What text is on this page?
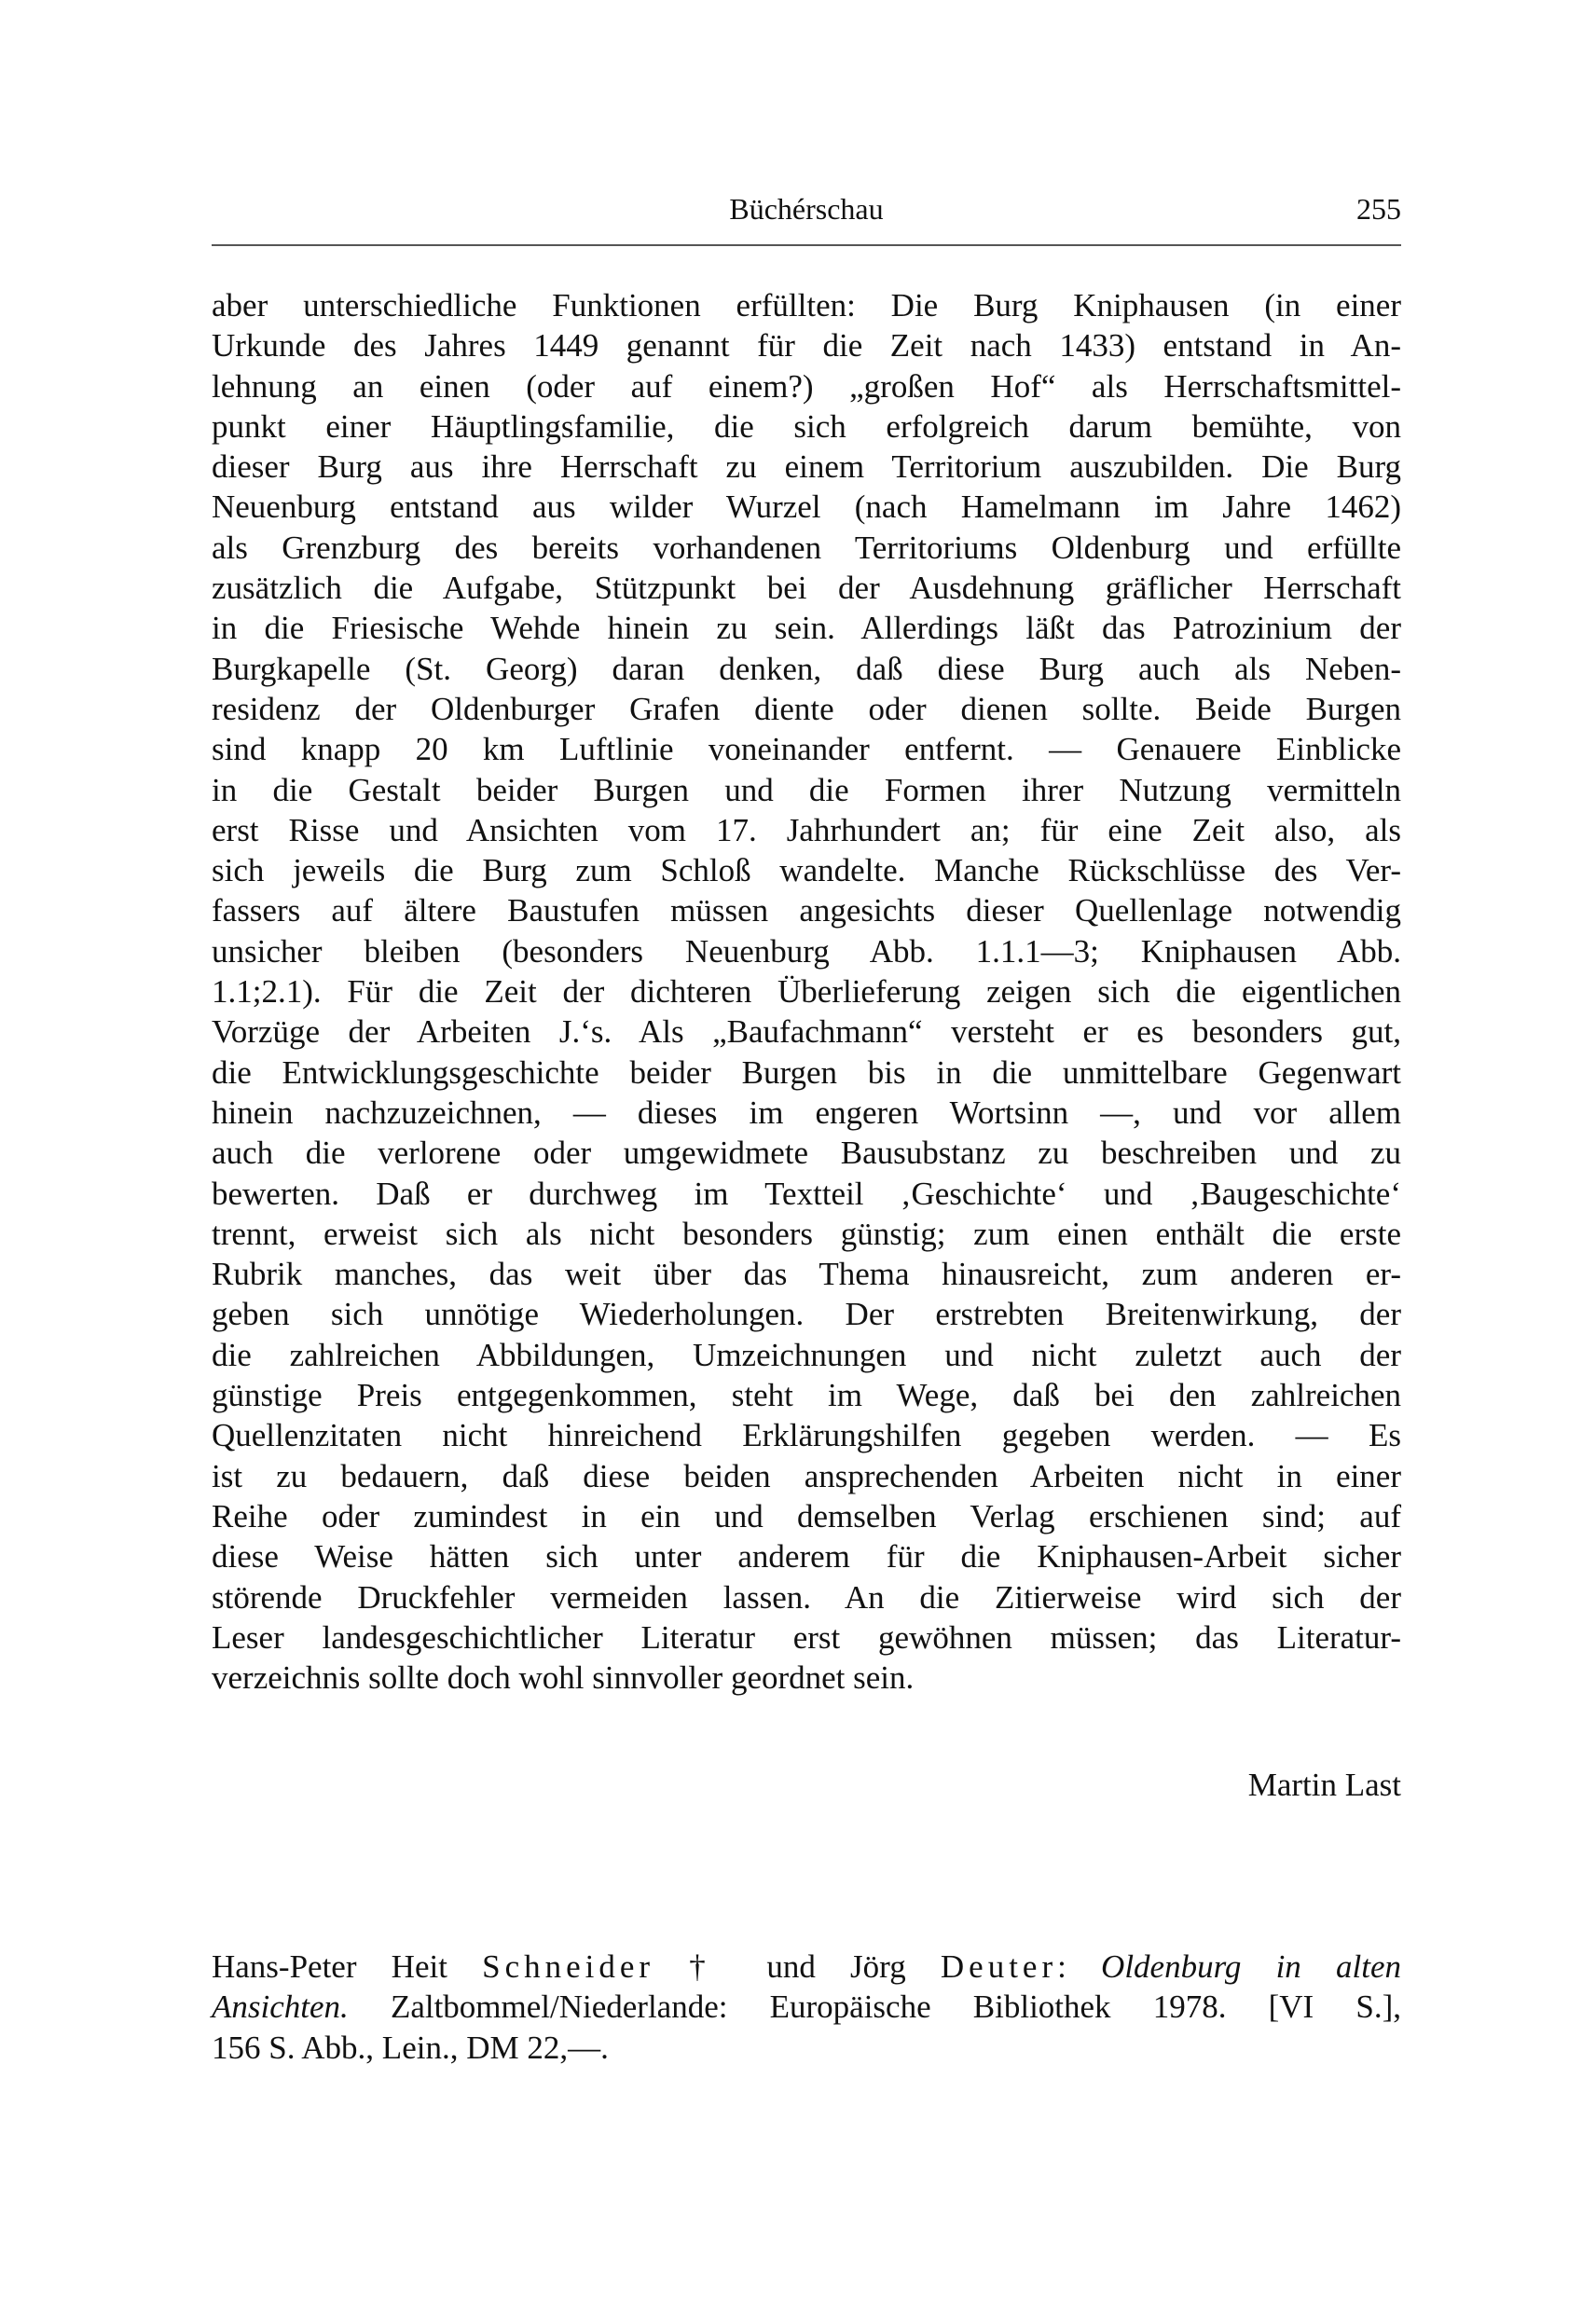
Büchérschau	255
aber unterschiedliche Funktionen erfüllten: Die Burg Kniphausen (in einer
Urkunde des Jahres 1449 genannt für die Zeit nach 1433) entstand in An-
lehnung an einen (oder auf einem?) „großen Hof“ als Herrschaftsmittel-
punkt einer Häuptlingsfamilie, die sich erfolgreich darum bemühte, von
dieser Burg aus ihre Herrschaft zu einem Territorium auszubilden. Die Burg
Neuenburg entstand aus wilder Wurzel (nach Hamelmann im Jahre 1462)
als Grenzburg des bereits vorhandenen Territoriums Oldenburg und erfüllte
zusätzlich die Aufgabe, Stützpunkt bei der Ausdehnung gräflicher Herrschaft
in die Friesische Wehde hinein zu sein. Allerdings läßt das Patrozinium der
Burgkapelle (St. Georg) daran denken, daß diese Burg auch als Neben-
residenz der Oldenburger Grafen diente oder dienen sollte. Beide Burgen
sind knapp 20 km Luftlinie voneinander entfernt. — Genauere Einblicke
in die Gestalt beider Burgen und die Formen ihrer Nutzung vermitteln
erst Risse und Ansichten vom 17. Jahrhundert an; für eine Zeit also, als
sich jeweils die Burg zum Schloß wandelte. Manche Rückschlüsse des Ver-
fassers auf ältere Baustufen müssen angesichts dieser Quellenlage notwendig
unsicher bleiben (besonders Neuenburg Abb. 1.1.1—3; Kniphausen Abb.
1.1;2.1). Für die Zeit der dichteren Überlieferung zeigen sich die eigentlichen
Vorzüge der Arbeiten J.‘s. Als „Baufachmann“ versteht er es besonders gut,
die Entwicklungsgeschichte beider Burgen bis in die unmittelbare Gegenwart
hinein nachzuzeichnen, — dieses im engeren Wortsinn —, und vor allem
auch die verlorene oder umgewidmete Bausubstanz zu beschreiben und zu
bewerten. Daß er durchweg im Textteil ‚Geschichte‘ und ‚Baugeschichte‘
trennt, erweist sich als nicht besonders günstig; zum einen enthält die erste
Rubrik manches, das weit über das Thema hinausreicht, zum anderen er-
geben sich unnötige Wiederholungen. Der erstrebten Breitenwirkung, der
die zahlreichen Abbildungen, Umzeichnungen und nicht zuletzt auch der
günstige Preis entgegenkommen, steht im Wege, daß bei den zahlreichen
Quellenzitaten nicht hinreichend Erklärungshilfen gegeben werden. — Es
ist zu bedauern, daß diese beiden ansprechenden Arbeiten nicht in einer
Reihe oder zumindest in ein und demselben Verlag erschienen sind; auf
diese Weise hätten sich unter anderem für die Kniphausen-Arbeit sicher
störende Druckfehler vermeiden lassen. An die Zitierweise wird sich der
Leser landesgeschichtlicher Literatur erst gewöhnen müssen; das Literatur-
verzeichnis sollte doch wohl sinnvoller geordnet sein.
Martin Last
Hans-Peter Heit Schneider † und Jörg Deuter: Oldenburg in alten
Ansichten. Zaltbommel/Niederlande: Europäische Bibliothek 1978. [VI S.],
156 S. Abb., Lein., DM 22,—.
